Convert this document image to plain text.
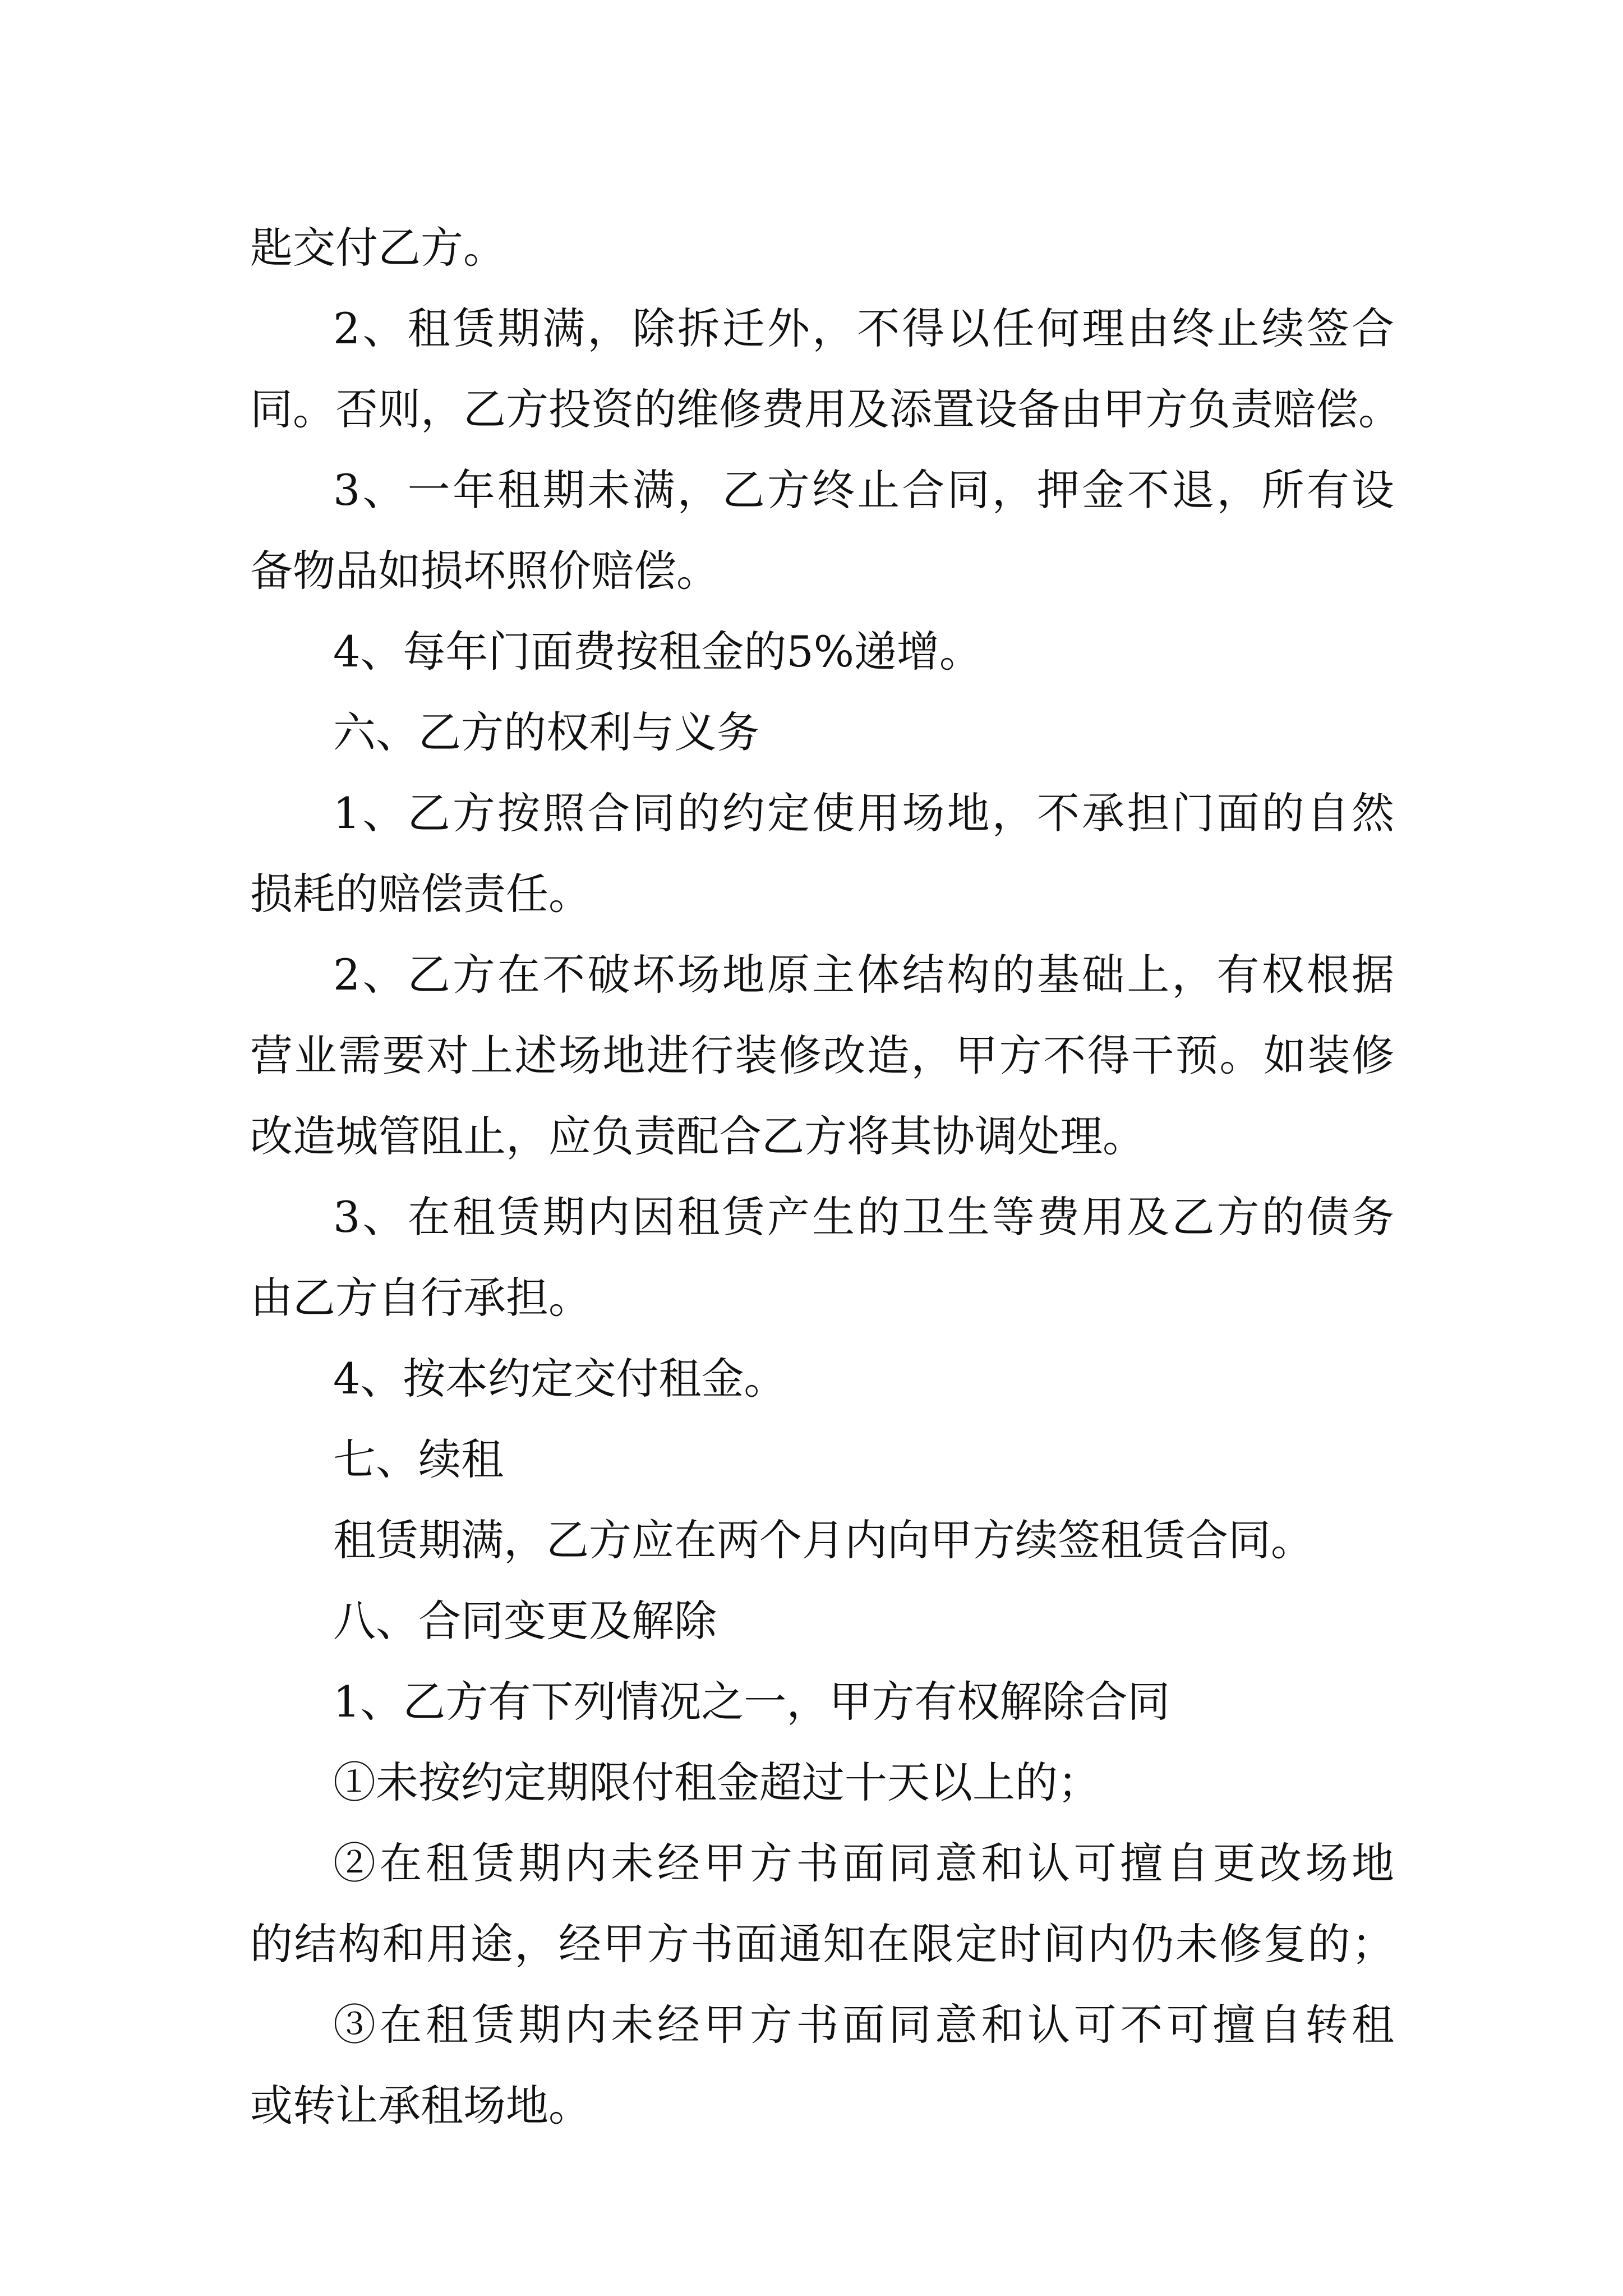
匙交付乙方。
2、租赁期满，除拆迁外，不得以任何理由终止续签合
同。否则，乙方投资的维修费用及添置设备由甲方负责赔偿。
3、一年租期未满，乙方终止合同，押金不退，所有设
备物品如损坏照价赔偿。
4、每年门面费按租金的5%递增。
六、乙方的权利与义务
1、乙方按照合同的约定使用场地，不承担门面的自然
损耗的赔偿责任。
2、乙方在不破坏场地原主体结构的基础上，有权根据
营业需要对上述场地进行装修改造，甲方不得干预。如装修
改造城管阻止，应负责配合乙方将其协调处理。
3、在租赁期内因租赁产生的卫生等费用及乙方的债务
由乙方自行承担。
4、按本约定交付租金。
七、续租
租赁期满，乙方应在两个月内向甲方续签租赁合同。
八、合同变更及解除
1、乙方有下列情况之一，甲方有权解除合同
①未按约定期限付租金超过十天以上的；
②在租赁期内未经甲方书面同意和认可擅自更改场地
的结构和用途，经甲方书面通知在限定时间内仍未修复的；
③在租赁期内未经甲方书面同意和认可不可擅自转租
或转让承租场地。
